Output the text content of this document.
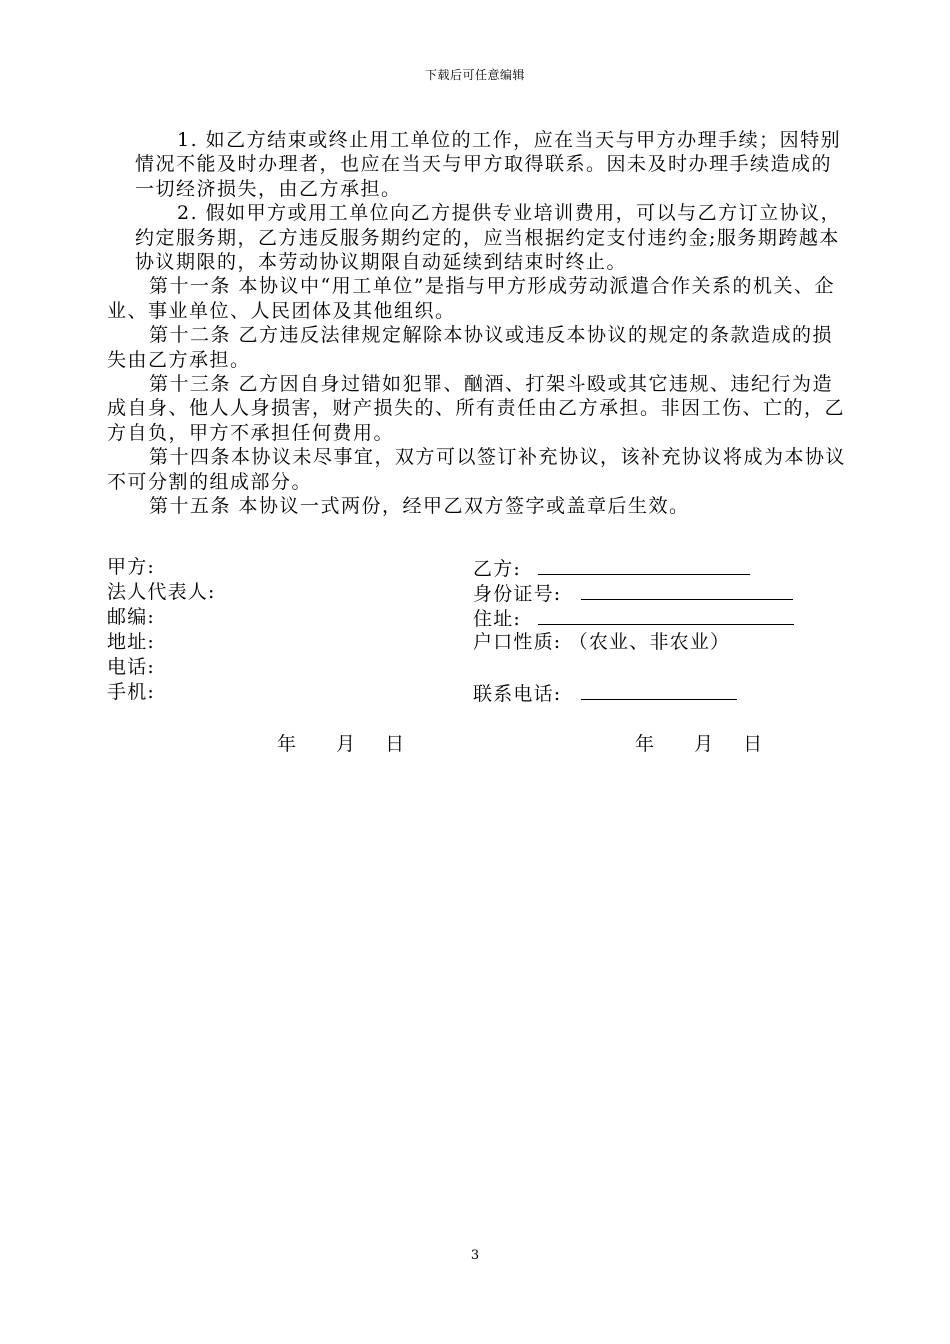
下载后可任意编辑

1. 如乙方结束或终止用工单位的工作，应在当天与甲方办理手续；因特别情况不能及时办理者，也应在当天与甲方取得联系。因未及时办理手续造成的一切经济损失，由乙方承担。

2. 假如甲方或用工单位向乙方提供专业培训费用，可以与乙方订立协议，约定服务期，乙方违反服务期约定的，应当根据约定支付违约金;服务期跨越本协议期限的，本劳动协议期限自动延续到结束时终止。

第十一条 本协议中“用工单位”是指与甲方形成劳动派遣合作关系的机关、企业、事业单位、人民团体及其他组织。

第十二条 乙方违反法律规定解除本协议或违反本协议的规定的条款造成的损失由乙方承担。

第十三条 乙方因自身过错如犯罪、酗酒、打架斗殴或其它违规、违纪行为造成自身、他人人身损害，财产损失的、所有责任由乙方承担。非因工伤、亡的，乙方自负，甲方不承担任何费用。

第十四条本协议未尽事宜，双方可以签订补充协议，该补充协议将成为本协议不可分割的组成部分。

第十五条 本协议一式两份，经甲乙双方签字或盖章后生效。

甲方:
法人代表人:
邮编:
地址:
电话:
手机:
乙方:
身份证号:
住址:
户口性质: （农业、非农业）
联系电话:
年 月 日	年 月 日
3
